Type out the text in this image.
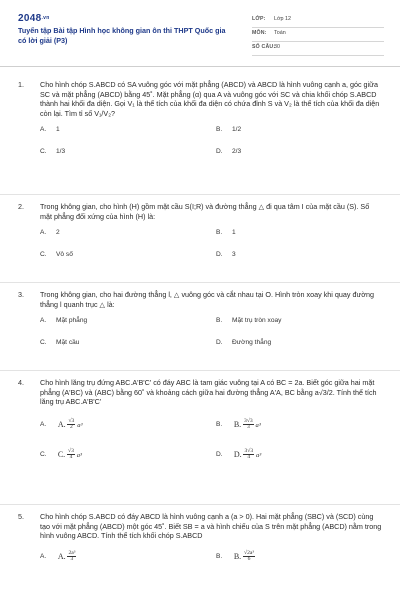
2048.vn
Tuyển tập Bài tập Hình học không gian ôn thi THPT Quốc gia có lời giải (P3)
LỚP: Lớp 12
MÔN: Toán
SỐ CÂU:
30
1. Cho hình chóp S.ABCD có SA vuông góc với mặt phẳng (ABCD) và ABCD là hình vuông cạnh a, góc giữa SC và mặt phẳng (ABCD) bằng 45˚. Mặt phẳng (α) qua A và vuông góc với SC và chia khối chóp S.ABCD thành hai khối đa diện. Gọi V₁ là thể tích của khối đa diện có chứa đỉnh S và V₂ là thể tích của khối đa diện còn lại. Tìm tỉ số V₁/V₂?
A. 1	B. 1/2
C. 1/3	D. 2/3
2. Trong không gian, cho hình (H) gồm mặt cầu S(I;R) và đường thẳng △ đi qua tâm I của mặt cầu (S). Số mặt phẳng đối xứng của hình (H) là:
A. 2	B. 1
C. Vô số	D. 3
3. Trong không gian, cho hai đường thẳng l, △ vuông góc và cắt nhau tại O. Hình tròn xoay khi quay đường thẳng l quanh trục △ là:
A. Mặt phẳng	B. Mặt trụ tròn xoay
C. Mặt cầu	D. Đường thẳng
4. Cho hình lăng trụ đứng ABC.A'B'C' có đáy ABC là tam giác vuông tại A có BC = 2a. Biết góc giữa hai mặt phẳng (A'BC) và (ABC) bằng 60˚ và khoảng cách giữa hai đường thẳng A'A, BC bằng a√3/2. Tính thể tích lăng trụ ABC.A'B'C'
A. A. $\frac{√3}{2} a^3$	B. B. $\frac{3√3}{3} a^3$
C. C. $\frac{√3}{4} a^3$	D. D. $\frac{3√3}{4} a^3$
5. Cho hình chóp S.ABCD có đáy ABCD là hình vuông cạnh a (a > 0). Hai mặt phẳng (SBC) và (SCD) cùng tạo với mặt phẳng (ABCD) một góc 45˚. Biết SB = a và hình chiếu của S trên mặt phẳng (ABCD) nằm trong hình vuông ABCD. Tính thể tích khối chóp S.ABCD
A. A. $\frac{\text{2a³}}{3}$	B. B. $\frac{\text{√2a³}}{6}$
